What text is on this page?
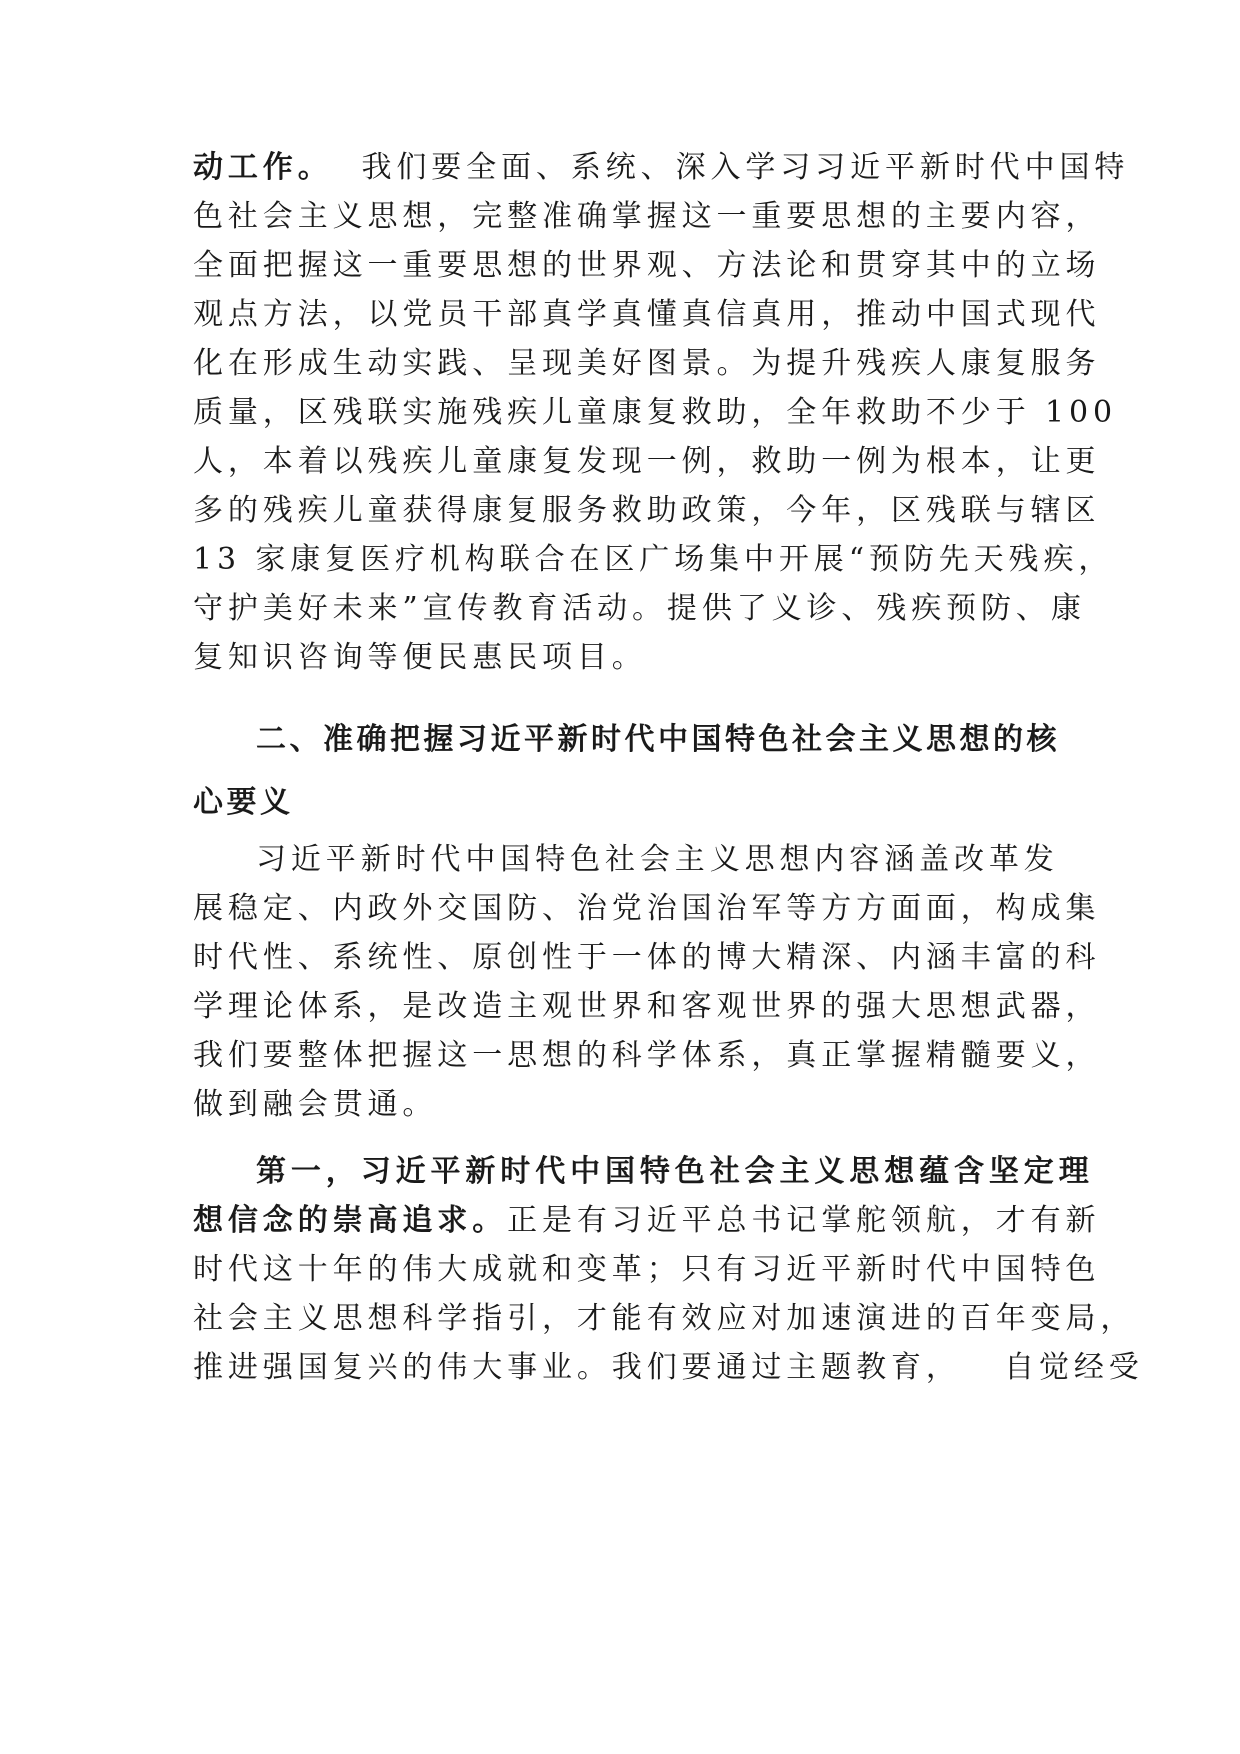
动工作。  我们要全面、系统、深入学习习近平新时代中国特
色社会主义思想，完整准确掌握这一重要思想的主要内容，
全面把握这一重要思想的世界观、方法论和贯穿其中的立场
观点方法，以党员干部真学真懂真信真用，推动中国式现代
化在形成生动实践、呈现美好图景。为提升残疾人康复服务
质量，区残联实施残疾儿童康复救助，全年救助不少于 100
人，本着以残疾儿童康复发现一例，救助一例为根本，让更
多的残疾儿童获得康复服务救助政策，今年，区残联与辖区
13 家康复医疗机构联合在区广场集中开展“预防先天残疾，
守护美好未来”宣传教育活动。提供了义诊、残疾预防、康
复知识咨询等便民惠民项目。
二、准确把握习近平新时代中国特色社会主义思想的核
心要义
习近平新时代中国特色社会主义思想内容涵盖改革发
展稳定、内政外交国防、治党治国治军等方方面面，构成集
时代性、系统性、原创性于一体的博大精深、内涵丰富的科
学理论体系，是改造主观世界和客观世界的强大思想武器，
我们要整体把握这一思想的科学体系，真正掌握精髓要义，
做到融会贯通。
第一，习近平新时代中国特色社会主义思想蕴含坚定理
想信念的崇高追求。正是有习近平总书记掌舵领航，才有新
时代这十年的伟大成就和变革；只有习近平新时代中国特色
社会主义思想科学指引，才能有效应对加速演进的百年变局，
推进强国复兴的伟大事业。我们要通过主题教育，   自觉经受
